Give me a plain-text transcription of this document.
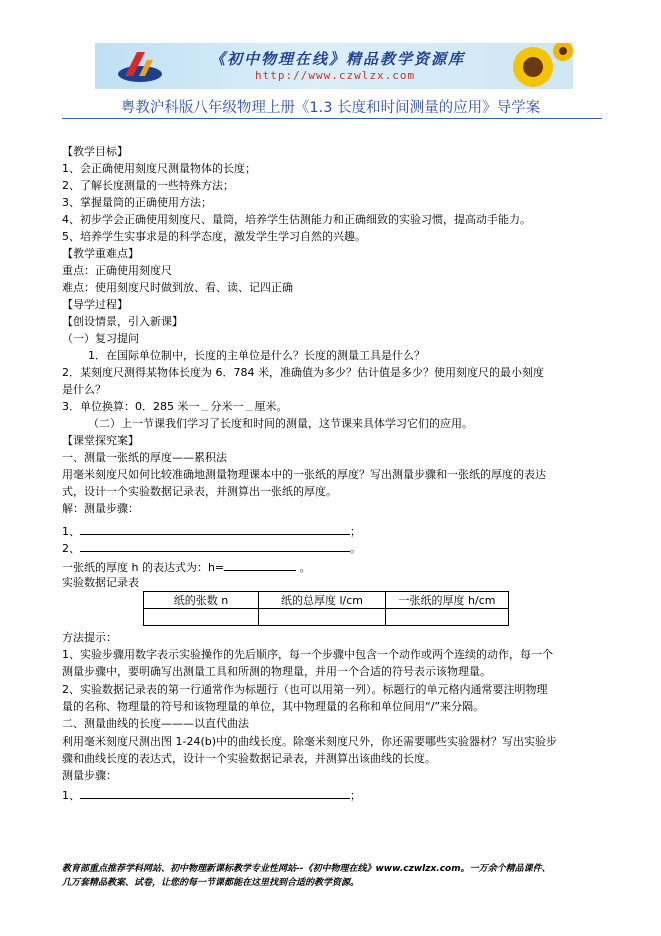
《初中物理在线》精品教学资源库
http://www.czwlzx.com
粤教沪科版八年级物理上册《1.3 长度和时间测量的应用》导学案
【教学目标】
1、会正确使用刻度尺测量物体的长度；
2、了解长度测量的一些特殊方法；
3、掌握量筒的正确使用方法；
4、初步学会正确使用刻度尺、量筒，培养学生估测能力和正确细致的实验习惯，提高动手能力。
5、培养学生实事求是的科学态度，激发学生学习自然的兴趣。
【教学重难点】
重点：正确使用刻度尺
难点：使用刻度尺时做到放、看、读、记四正确
【导学过程】
【创设情景，引入新课】
（一）复习提问
1．在国际单位制中，长度的主单位是什么？长度的测量工具是什么？
2．某刻度尺测得某物体长度为 6．784 米，准确值为多少？估计值是多少？使用刻度尺的最小刻度
是什么？
3．单位换算：0．285 米一﹍分米一﹍厘米。
（二）上一节课我们学习了长度和时间的测量，这节课来具体学习它们的应用。
【课堂探究案】
一、测量一张纸的厚度——累积法
用毫米刻度尺如何比较准确地测量物理课本中的一张纸的厚度？写出测量步骤和一张纸的厚度的表达
式，设计一个实验数据记录表，并测算出一张纸的厚度。
解：测量步骤：
1、	；
2、	。
一张纸的厚度 h 的表达式为：h=	。
实验数据记录表
纸的张数 n	纸的总厚度 l/cm	一张纸的厚度 h/cm

方法提示：
1、实验步骤用数字表示实验操作的先后顺序，每一个步骤中包含一个动作或两个连续的动作，每一个
测量步骤中，要明确写出测量工具和所测的物理量，并用一个合适的符号表示该物理量。
2、实验数据记录表的第一行通常作为标题行（也可以用第一列）。标题行的单元格内通常要注明物理
量的名称、物理量的符号和该物理量的单位，其中物理量的名称和单位间用“/”来分隔。
二、测量曲线的长度———以直代曲法
利用毫米刻度尺测出图 1-24(b)中的曲线长度。除毫米刻度尺外，你还需要哪些实验器材？写出实验步
骤和曲线长度的表达式，设计一个实验数据记录表，并测算出该曲线的长度。
测量步骤：
1、	；
教育部重点推荐学科网站、初中物理新课标教学专业性网站--《初中物理在线》www.czwlzx.com。一万余个精品课件、
几万套精品教案、试卷，让您的每一节课都能在这里找到合适的教学资源。
